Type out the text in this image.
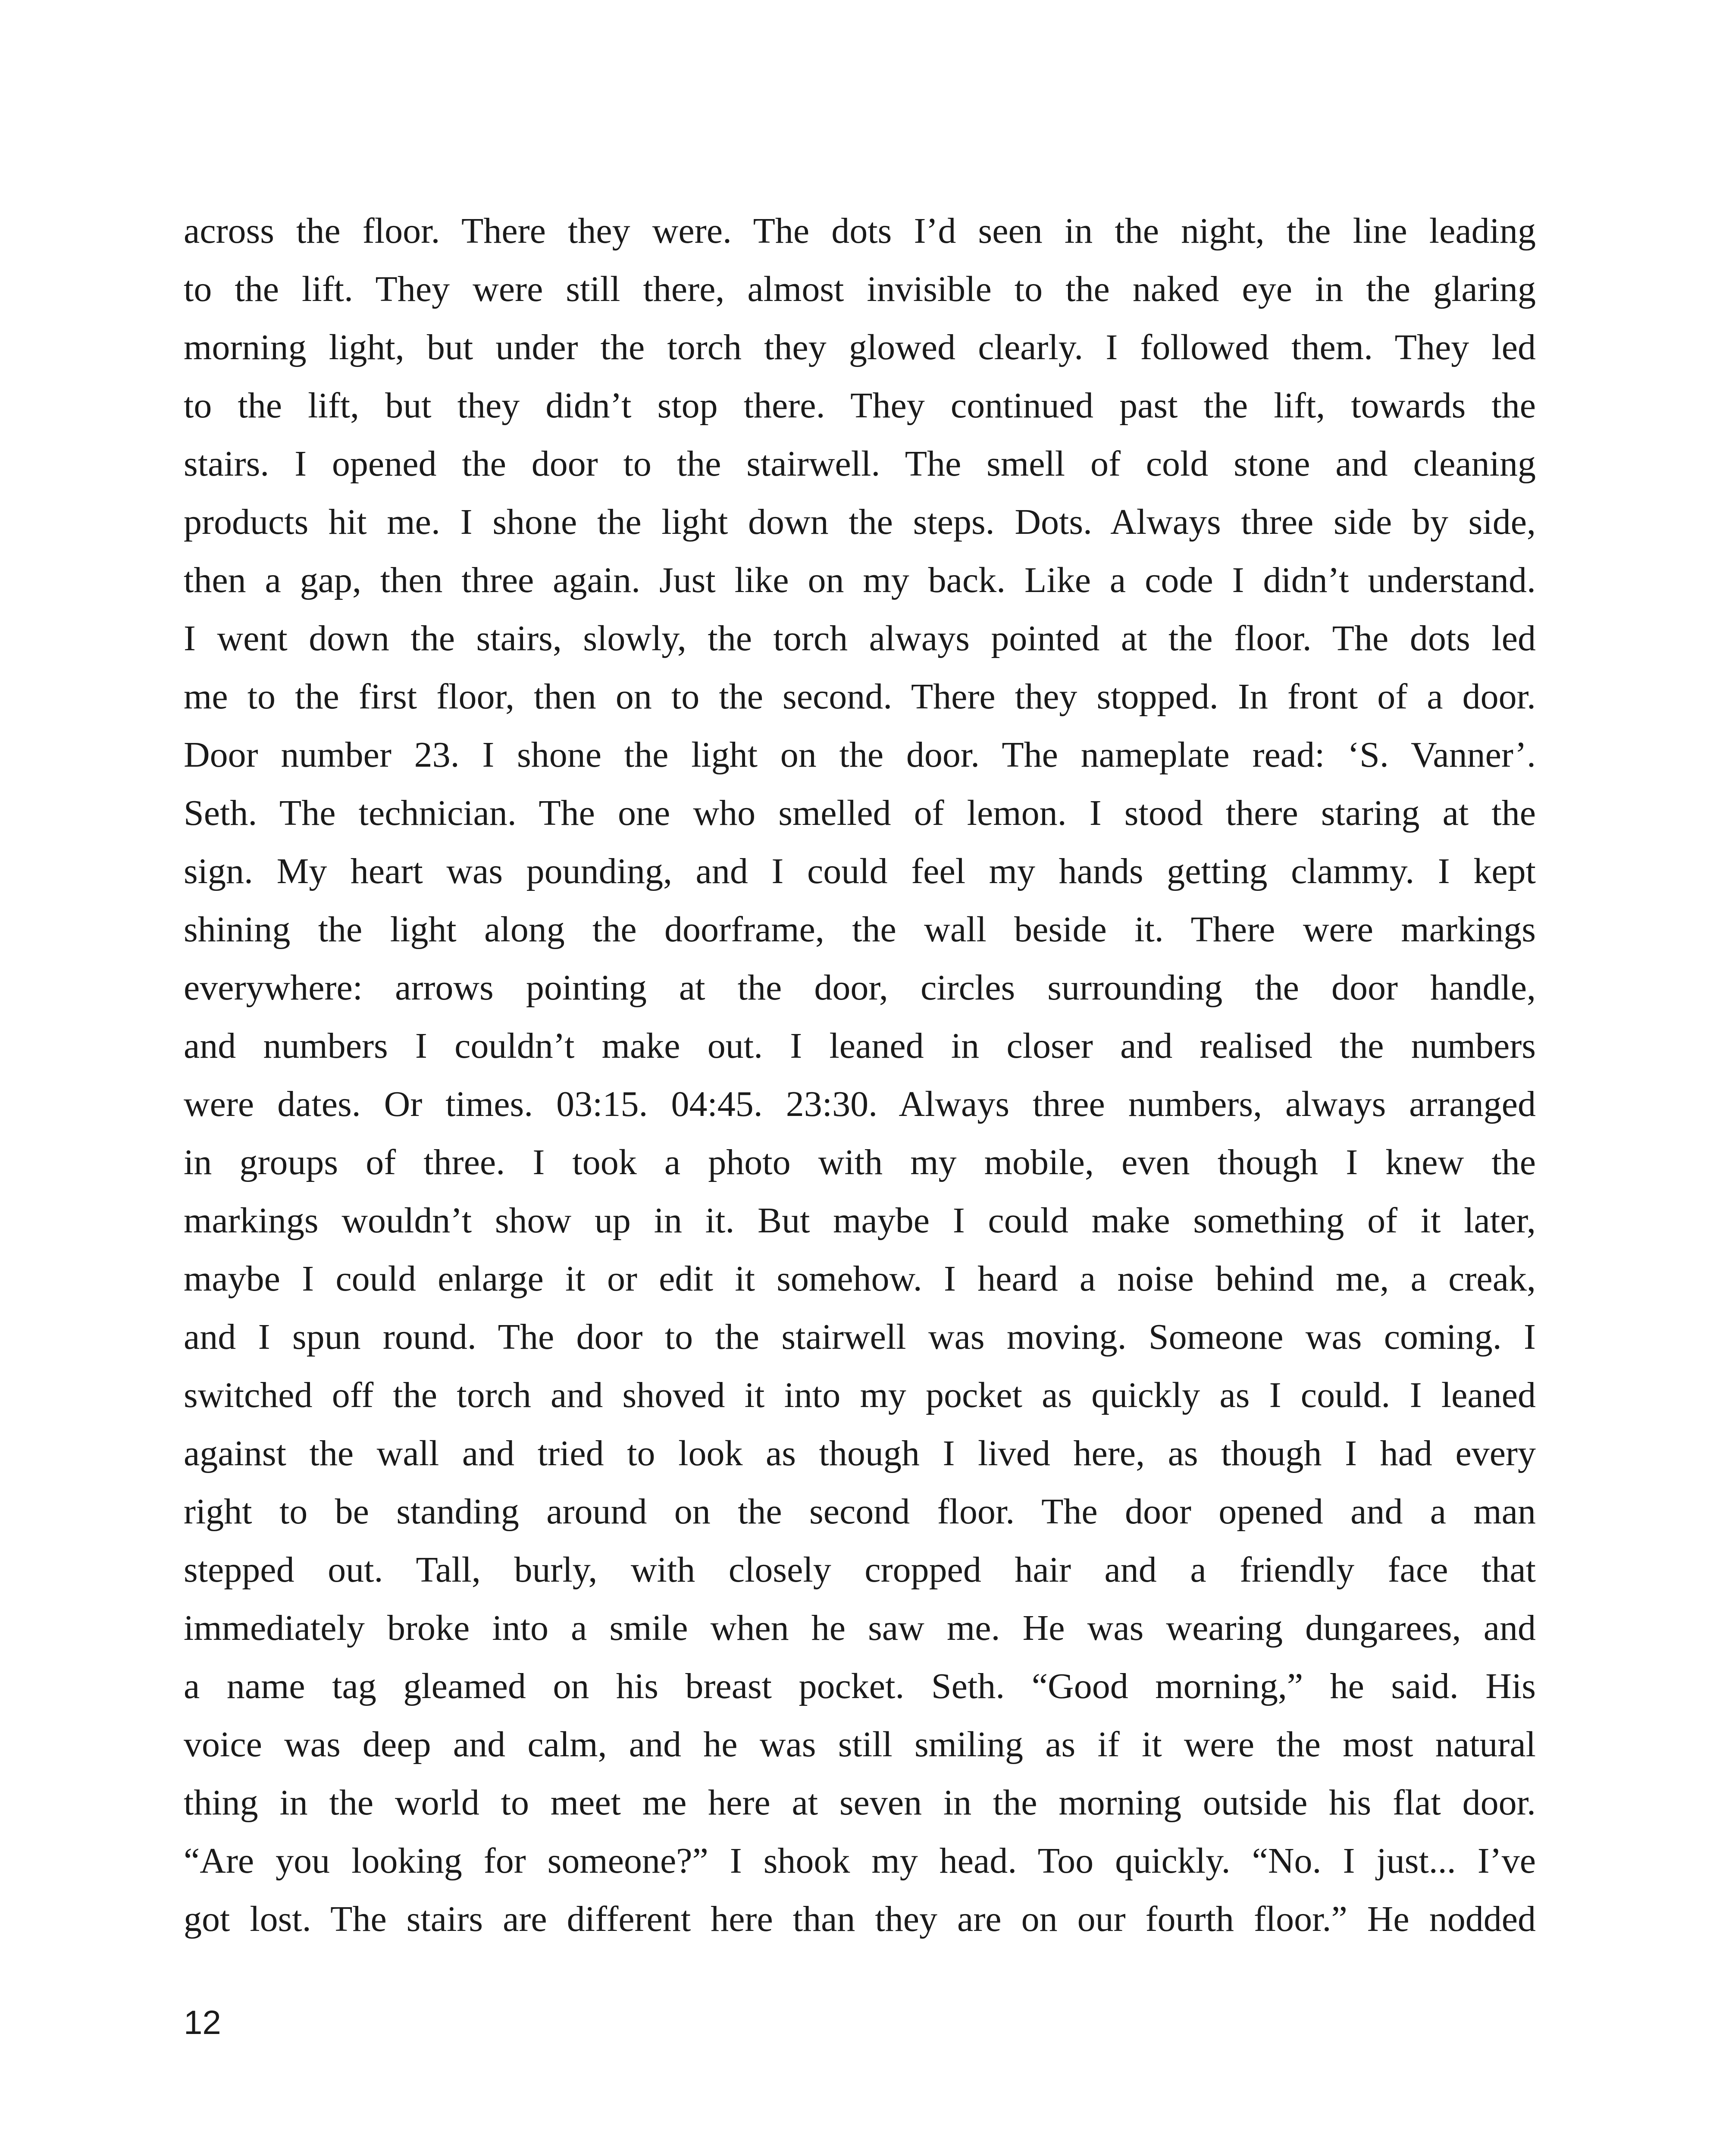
across the floor. There they were. The dots I’d seen in the night, the line leading
to the lift. They were still there, almost invisible to the naked eye in the glaring
morning light, but under the torch they glowed clearly. I followed them. They led
to the lift, but they didn’t stop there. They continued past the lift, towards the
stairs. I opened the door to the stairwell. The smell of cold stone and cleaning
products hit me. I shone the light down the steps. Dots. Always three side by side,
then a gap, then three again. Just like on my back. Like a code I didn’t understand.
I went down the stairs, slowly, the torch always pointed at the floor. The dots led
me to the first floor, then on to the second. There they stopped. In front of a door.
Door number 23. I shone the light on the door. The nameplate read: ‘S. Vanner’.
Seth. The technician. The one who smelled of lemon. I stood there staring at the
sign. My heart was pounding, and I could feel my hands getting clammy. I kept
shining the light along the doorframe, the wall beside it. There were markings
everywhere: arrows pointing at the door, circles surrounding the door handle,
and numbers I couldn’t make out. I leaned in closer and realised the numbers
were dates. Or times. 03:15. 04:45. 23:30. Always three numbers, always arranged
in groups of three. I took a photo with my mobile, even though I knew the
markings wouldn’t show up in it. But maybe I could make something of it later,
maybe I could enlarge it or edit it somehow. I heard a noise behind me, a creak,
and I spun round. The door to the stairwell was moving. Someone was coming. I
switched off the torch and shoved it into my pocket as quickly as I could. I leaned
against the wall and tried to look as though I lived here, as though I had every
right to be standing around on the second floor. The door opened and a man
stepped out. Tall, burly, with closely cropped hair and a friendly face that
immediately broke into a smile when he saw me. He was wearing dungarees, and
a name tag gleamed on his breast pocket. Seth. “Good morning,” he said. His
voice was deep and calm, and he was still smiling as if it were the most natural
thing in the world to meet me here at seven in the morning outside his flat door.
“Are you looking for someone?” I shook my head. Too quickly. “No. I just... I’ve
got lost. The stairs are different here than they are on our fourth floor.” He nodded
12
